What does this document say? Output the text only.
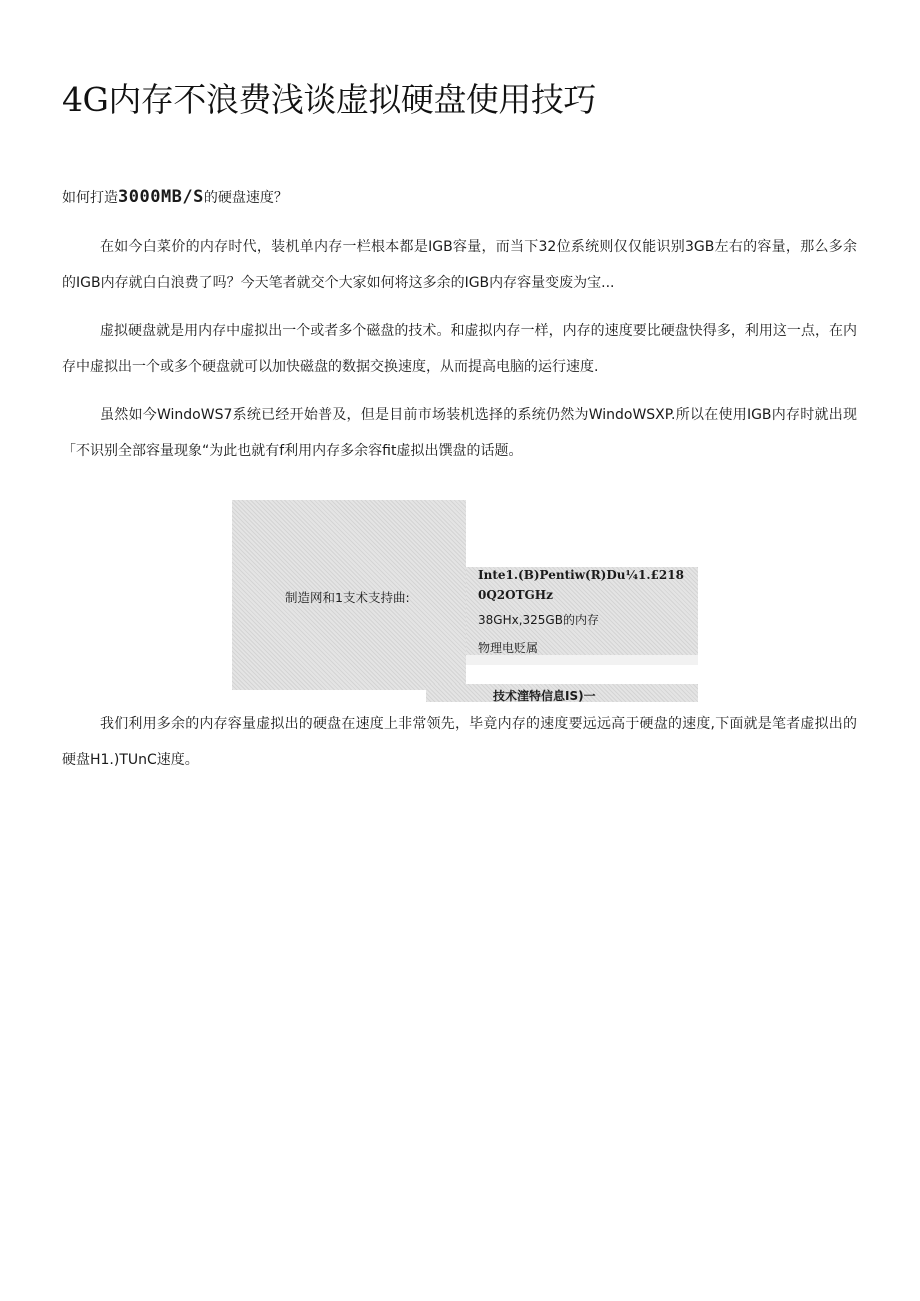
4G内存不浪费浅谈虚拟硬盘使用技巧
如何打造3000MB/S的硬盘速度？

在如今白菜价的内存时代，装机单内存一栏根本都是IGB容量，而当下32位系统则仅仅能识别3GB左右的容量，那么多余的IGB内存就白白浪费了吗？今天笔者就交个大家如何将这多余的IGB内存容量变废为宝...

虚拟硬盘就是用内存中虚拟出一个或者多个磁盘的技术。和虚拟内存一样，内存的速度要比硬盘快得多，利用这一点，在内存中虚拟出一个或多个硬盘就可以加快磁盘的数据交换速度，从而提高电脑的运行速度.

虽然如今WindoWS7系统已经开始普及，但是目前市场装机选择的系统仍然为WindoWSXP.所以在使用IGB内存时就出现「不识别全部容量现象“为此也就有f利用内存多余容fit虚拟出馔盘的话题。

制造网和1支术支持曲:
Inte1.(B)Pentiw(R)Du¼1.£218
0Q2OTGHz
38GHx,325GB的内存
物理电贬属
技术漥特信息IS)一

我们利用多余的内存容量虚拟出的硬盘在速度上非常领先，毕竟内存的速度要远远高于硬盘的速度,下面就是笔者虚拟出的硬盘H1.)TUnC速度。
